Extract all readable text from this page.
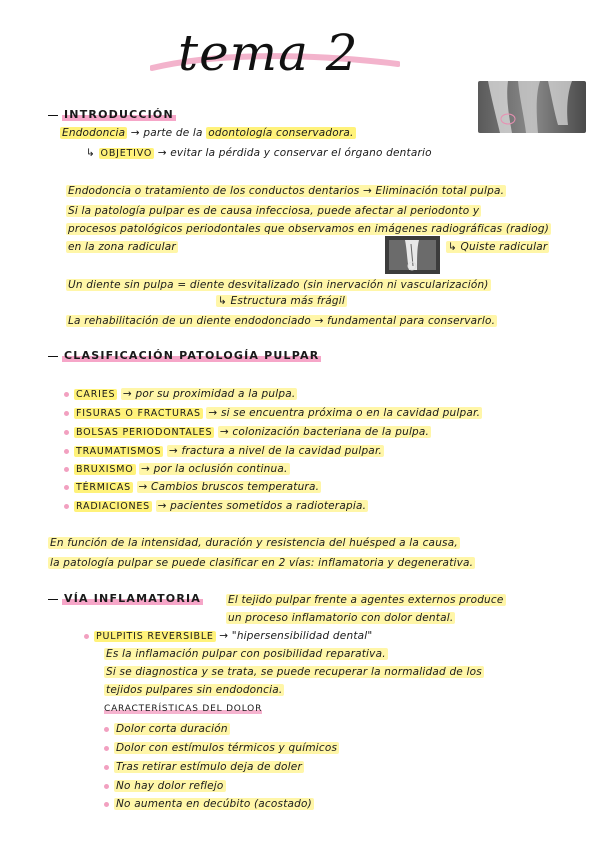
tema 2
INTRODUCCIÓN
Endodoncia → parte de la odontología conservadora.
↳ OBJETIVO → evitar la pérdida y conservar el órgano dentario
Endodoncia o tratamiento de los conductos dentarios → Eliminación total pulpa.
Si la patología pulpar es de causa infecciosa, puede afectar al periodonto y
procesos patológicos periodontales que observamos en imágenes radiográficas (radiog)
en la zona radicular	↳ Quiste radicular
Un diente sin pulpa = diente desvitalizado (sin inervación ni vascularización)
↳ Estructura más frágil
La rehabilitación de un diente endodonciado → fundamental para conservarlo.
CLASIFICACIÓN PATOLOGÍA PULPAR
CARIES → por su proximidad a la pulpa.
FISURAS O FRACTURAS → si se encuentra próxima o en la cavidad pulpar.
BOLSAS PERIODONTALES → colonización bacteriana de la pulpa.
TRAUMATISMOS → fractura a nivel de la cavidad pulpar.
BRUXISMO → por la oclusión continua.
TÉRMICAS → Cambios bruscos temperatura.
RADIACIONES → pacientes sometidos a radioterapia.
En función de la intensidad, duración y resistencia del huésped a la causa,
la patología pulpar se puede clasificar en 2 vías: inflamatoria y degenerativa.
VÍA INFLAMATORIA	El tejido pulpar frente a agentes externos produce
un proceso inflamatorio con dolor dental.
PULPITIS REVERSIBLE → "hipersensibilidad dental"
Es la inflamación pulpar con posibilidad reparativa.
Si se diagnostica y se trata, se puede recuperar la normalidad de los
tejidos pulpares sin endodoncia.
CARACTERÍSTICAS DEL DOLOR
Dolor corta duración
Dolor con estímulos térmicos y químicos
Tras retirar estímulo deja de doler
No hay dolor reflejo
No aumenta en decúbito (acostado)
